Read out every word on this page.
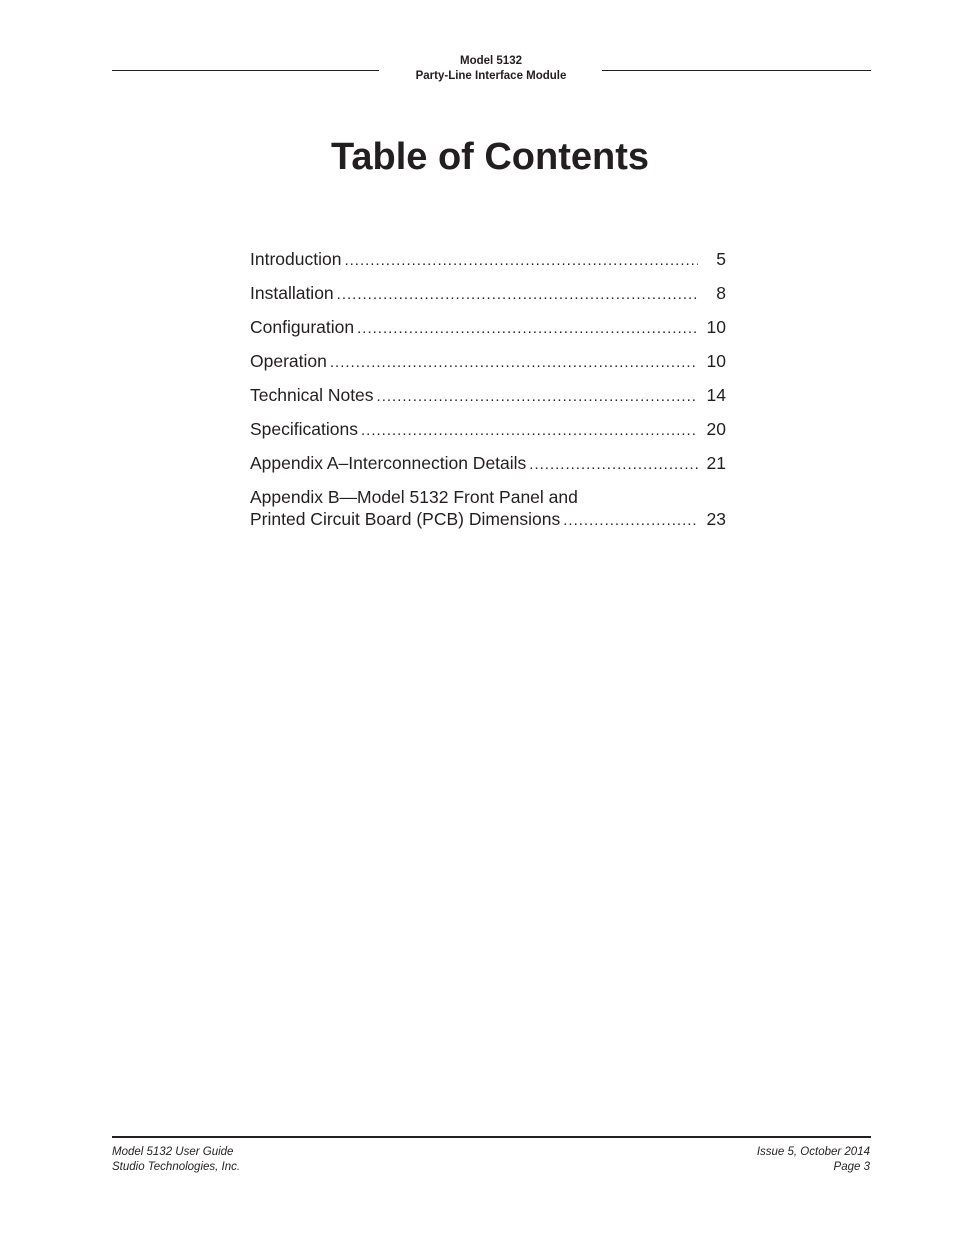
Model 5132
Party-Line Interface Module
Table of Contents
Introduction .....	5
Installation .....	8
Configuration .....	10
Operation .....	10
Technical Notes .....	14
Specifications .....	20
Appendix A–Interconnection Details .....	21
Appendix B—Model 5132 Front Panel and
Printed Circuit Board (PCB) Dimensions .....	23
Model 5132 User Guide
Studio Technologies, Inc.
Issue 5, October 2014
Page 3
